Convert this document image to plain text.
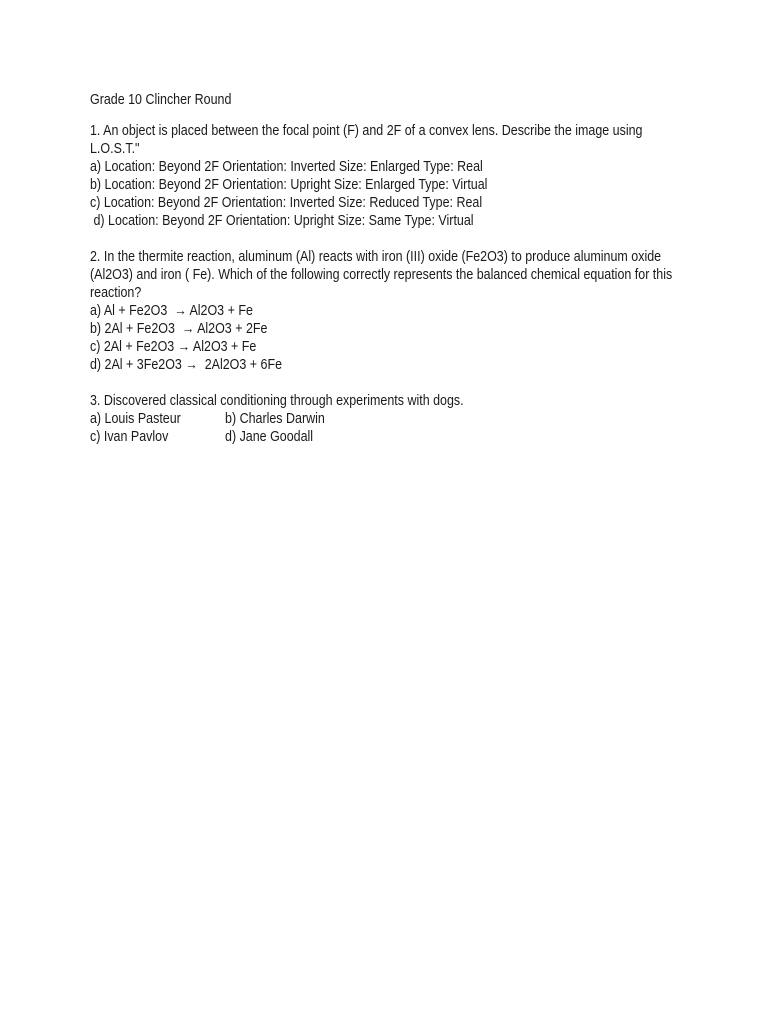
Grade 10 Clincher Round
1. An object is placed between the focal point (F) and 2F of a convex lens. Describe the image using L.O.S.T."
a) Location: Beyond 2F Orientation: Inverted Size: Enlarged Type: Real
b) Location: Beyond 2F Orientation: Upright Size: Enlarged Type: Virtual
c) Location: Beyond 2F Orientation: Inverted Size: Reduced Type: Real
d) Location: Beyond 2F Orientation: Upright Size: Same Type: Virtual
2. In the thermite reaction, aluminum (Al) reacts with iron (III) oxide (Fe2O3) to produce aluminum oxide (Al2O3) and iron ( Fe). Which of the following correctly represents the balanced chemical equation for this reaction?
a) Al + Fe2O3  → Al2O3 + Fe
b) 2Al + Fe2O3  → Al2O3 + 2Fe
c) 2Al + Fe2O3 → Al2O3 + Fe
d) 2Al + 3Fe2O3 →  2Al2O3 + 6Fe
3. Discovered classical conditioning through experiments with dogs.
a) Louis Pasteur	b) Charles Darwin
c) Ivan Pavlov	d) Jane Goodall
